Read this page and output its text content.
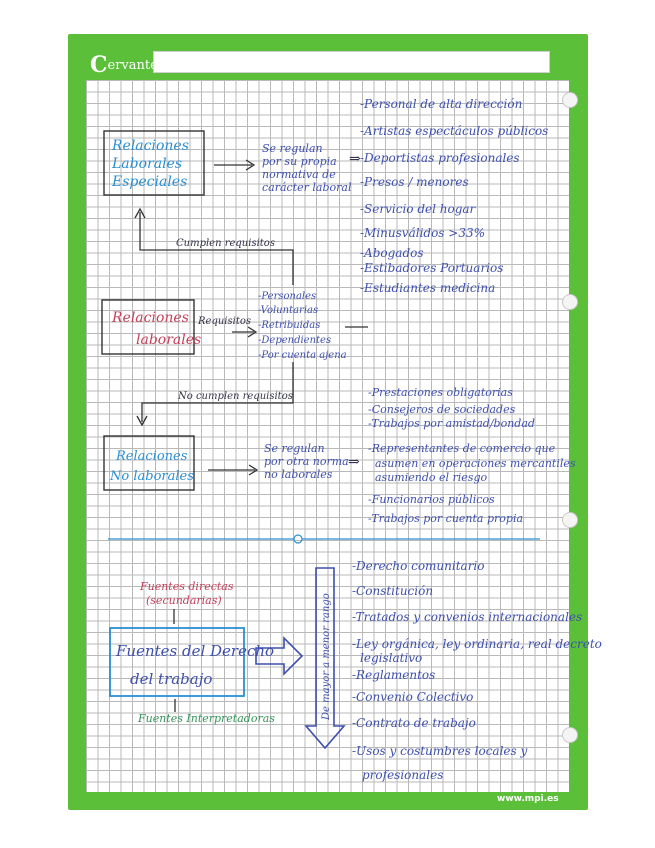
Cervantes®
www.mpi.es
Relaciones Laborales Especiales
Se regulan por su propia normativa de carácter laboral
⇒
-Personal de alta dirección
-Artistas espectáculos públicos
-Deportistas profesionales
-Presos / menores
-Servicio del hogar
-Minusválidos >33%
-Abogados
-Estibadores Portuarios
-Estudiantes medicina
Cumplen requisitos
Relaciones laborales
Requisitos
-Personales
-Voluntarias
-Retribuidas
-Dependientes
-Por cuenta ajena
No cumplen requisitos
Relaciones No laborales
Se regulan por otra norma no laborales
⇒
-Prestaciones obligatorias
-Consejeros de sociedades
-Trabajos por amistad/bondad
-Representantes de comercio que
asumen en operaciones mercantiles
asumiendo el riesgo
-Funcionarios públicos
-Trabajos por cuenta propia
Fuentes directas (secundarias)
Fuentes del Derecho del trabajo
Fuentes Interpretadoras	De mayor a menor rango
-Derecho comunitario
-Constitución
-Tratados y convenios internacionales
-Ley orgánica, ley ordinaria, real decreto
legislativo
-Reglamentos
-Convenio Colectivo
-Contrato de trabajo
-Usos y costumbres locales y
profesionales
